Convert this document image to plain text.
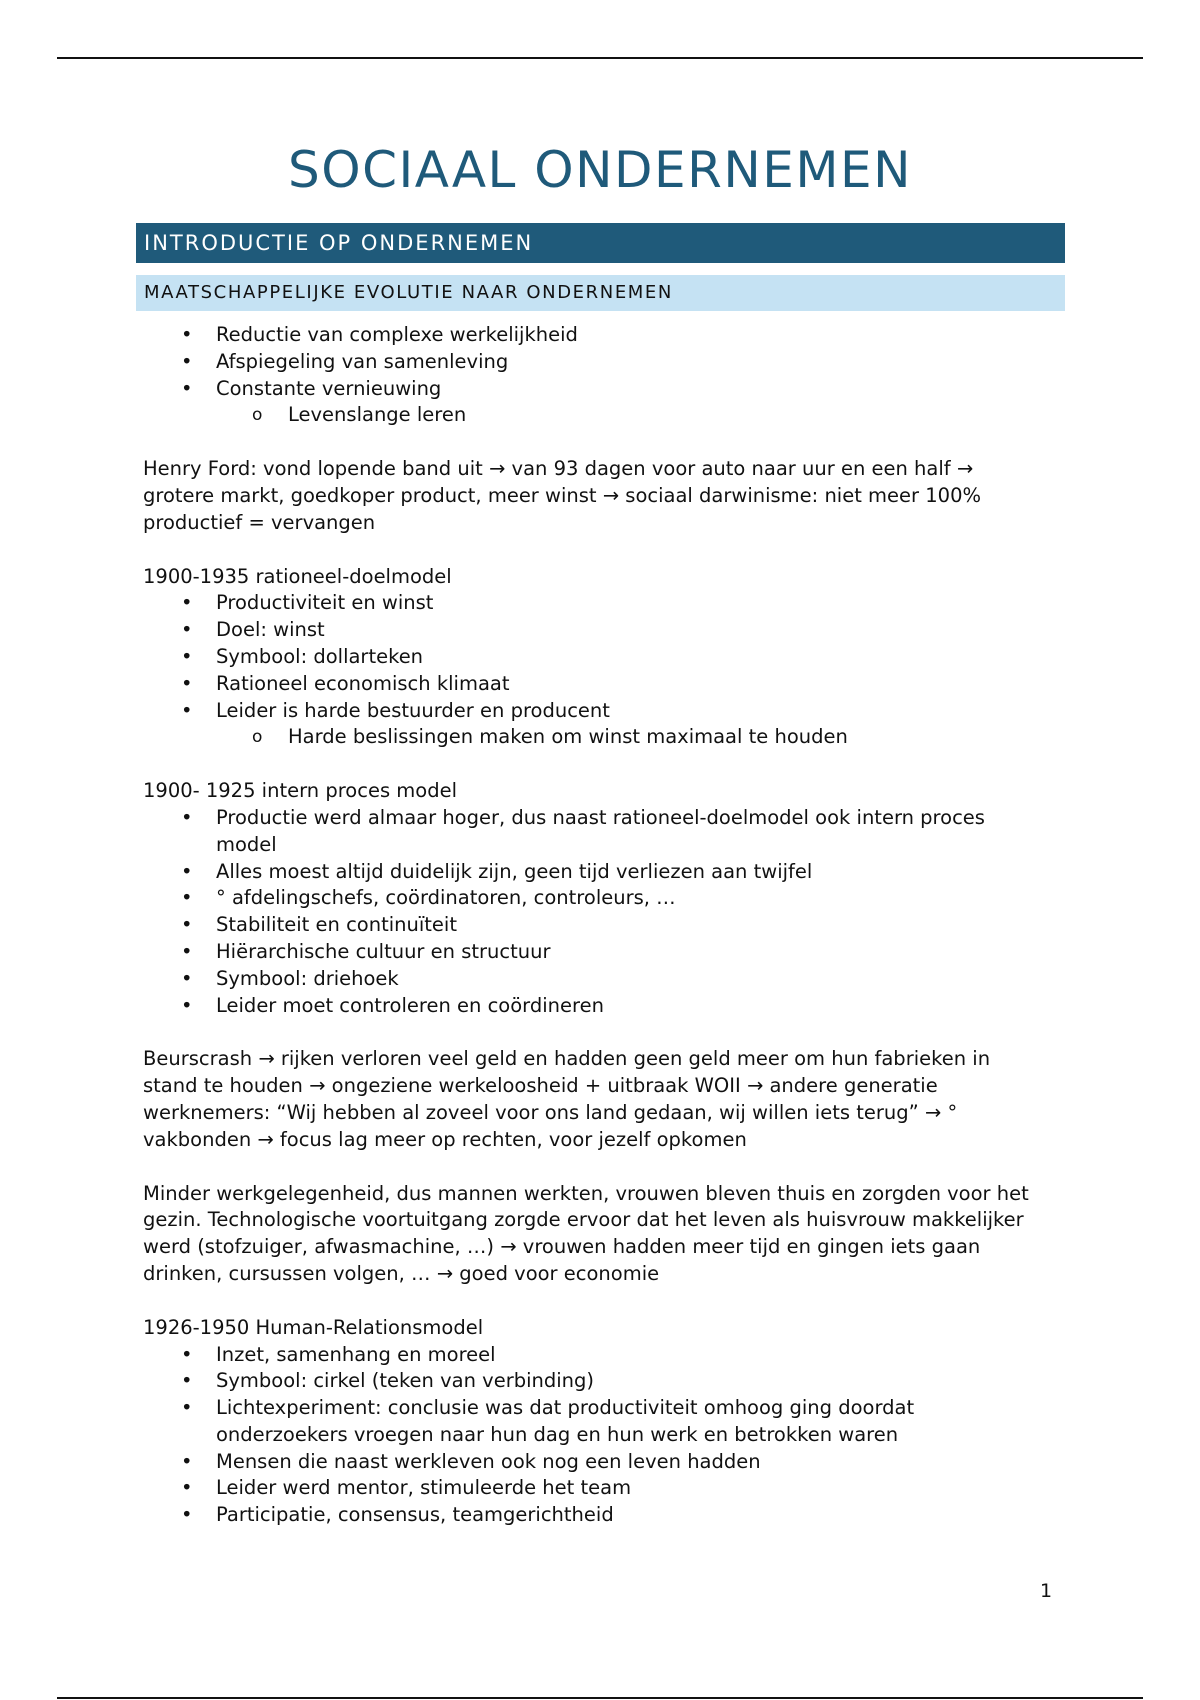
SOCIAAL ONDERNEMEN
INTRODUCTIE OP ONDERNEMEN
MAATSCHAPPELIJKE EVOLUTIE NAAR ONDERNEMEN
• Reductie van complexe werkelijkheid
• Afspiegeling van samenleving
• Constante vernieuwing
o Levenslange leren

Henry Ford: vond lopende band uit → van 93 dagen voor auto naar uur en een half → grotere markt, goedkoper product, meer winst → sociaal darwinisme: niet meer 100% productief = vervangen

1900-1935 rationeel-doelmodel

• Productiviteit en winst
• Doel: winst
• Symbool: dollarteken
• Rationeel economisch klimaat
• Leider is harde bestuurder en producent
o Harde beslissingen maken om winst maximaal te houden

1900- 1925 intern proces model

• Productie werd almaar hoger, dus naast rationeel-doelmodel ook intern proces model
• Alles moest altijd duidelijk zijn, geen tijd verliezen aan twijfel
• ° afdelingschefs, coördinatoren, controleurs, …
• Stabiliteit en continuïteit
• Hiërarchische cultuur en structuur
• Symbool: driehoek
• Leider moet controleren en coördineren

Beurscrash → rijken verloren veel geld en hadden geen geld meer om hun fabrieken in stand te houden → ongeziene werkeloosheid + uitbraak WOII → andere generatie werknemers: “Wij hebben al zoveel voor ons land gedaan, wij willen iets terug” → ° vakbonden → focus lag meer op rechten, voor jezelf opkomen

Minder werkgelegenheid, dus mannen werkten, vrouwen bleven thuis en zorgden voor het gezin. Technologische voortuitgang zorgde ervoor dat het leven als huisvrouw makkelijker werd (stofzuiger, afwasmachine, …) → vrouwen hadden meer tijd en gingen iets gaan drinken, cursussen volgen, … → goed voor economie

1926-1950 Human-Relationsmodel

• Inzet, samenhang en moreel
• Symbool: cirkel (teken van verbinding)
• Lichtexperiment: conclusie was dat productiviteit omhoog ging doordat onderzoekers vroegen naar hun dag en hun werk en betrokken waren
• Mensen die naast werkleven ook nog een leven hadden
• Leider werd mentor, stimuleerde het team
• Participatie, consensus, teamgerichtheid
1
